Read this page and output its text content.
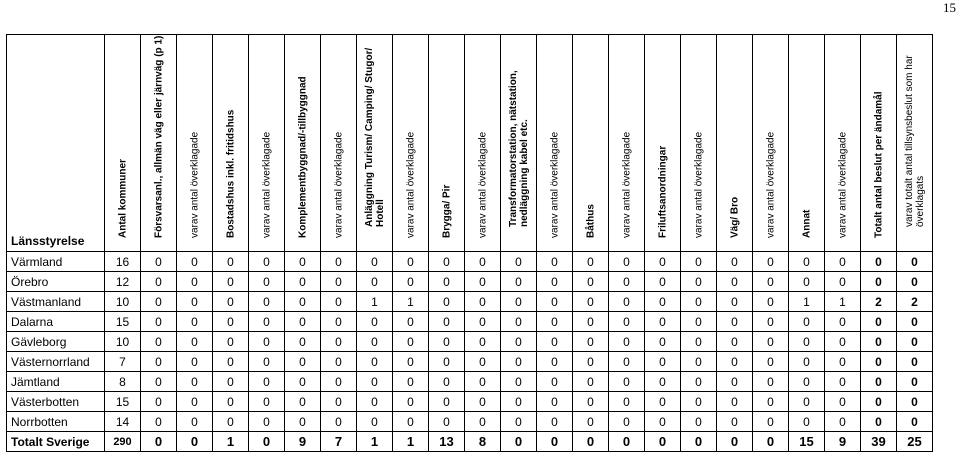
15
Länsstyrelse	Antal kommuner	Försvarsanl., allmän väg eller järnväg (p 1)	varav antal överklagade	Bostadshus inkl. fritidshus	varav antal överklagade	Komplementbyggnad/-tillbyggnad	varav antal överklagade	Anläggning Turism/ Camping/ Stugor/ Hotell	varav antal överklagade	Brygga/ Pir	varav antal överklagade	Transformatorstation, nätstation, nedläggning kabel etc.	varav antal överklagade	Båthus	varav antal överklagade	Friluftsanordningar	varav antal överklagade	Väg/ Bro	varav antal överklagade	Annat	varav antal överklagade	Totalt antal beslut per ändamål	varav totalt antal tillsynsbeslut som har överklagats

Värmland	16	0	0	0	0	0	0	0	0	0	0	0	0	0	0	0	0	0	0	0	0	0	0
Örebro	12	0	0	0	0	0	0	0	0	0	0	0	0	0	0	0	0	0	0	0	0	0	0
Västmanland	10	0	0	0	0	0	0	1	1	0	0	0	0	0	0	0	0	0	0	1	1	2	2
Dalarna	15	0	0	0	0	0	0	0	0	0	0	0	0	0	0	0	0	0	0	0	0	0	0
Gävleborg	10	0	0	0	0	0	0	0	0	0	0	0	0	0	0	0	0	0	0	0	0	0	0
Västernorrland	7	0	0	0	0	0	0	0	0	0	0	0	0	0	0	0	0	0	0	0	0	0	0
Jämtland	8	0	0	0	0	0	0	0	0	0	0	0	0	0	0	0	0	0	0	0	0	0	0
Västerbotten	15	0	0	0	0	0	0	0	0	0	0	0	0	0	0	0	0	0	0	0	0	0	0
Norrbotten	14	0	0	0	0	0	0	0	0	0	0	0	0	0	0	0	0	0	0	0	0	0	0
Totalt Sverige	290	0	0	1	0	9	7	1	1	13	8	0	0	0	0	0	0	0	0	15	9	39	25
